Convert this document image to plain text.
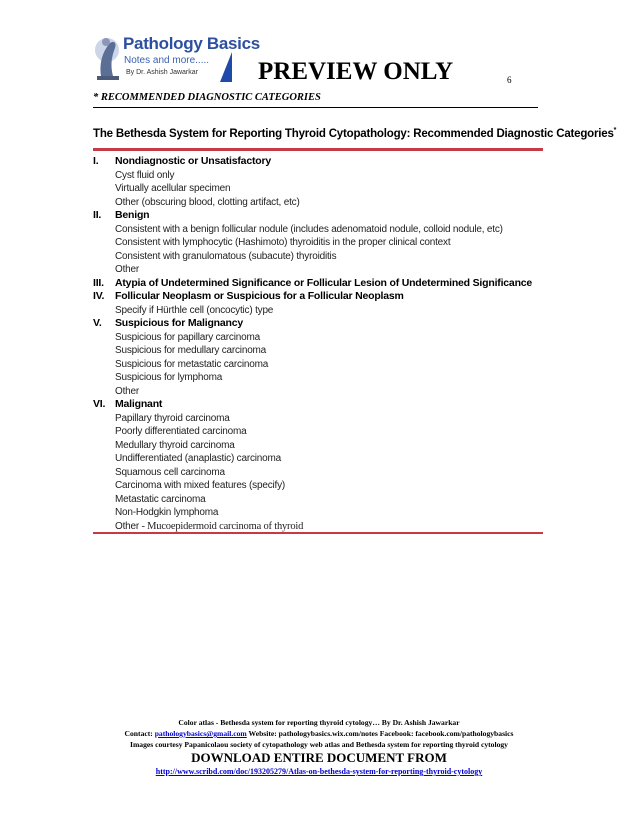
Pathology Basics
Notes and more.....
By Dr. Ashish Jawarkar PREVIEW ONLY	6
* RECOMMENDED DIAGNOSTIC CATEGORIES
The Bethesda System for Reporting Thyroid Cytopathology: Recommended Diagnostic Categories*
I. Nondiagnostic or Unsatisfactory
Cyst fluid only
Virtually acellular specimen
Other (obscuring blood, clotting artifact, etc)
II. Benign
Consistent with a benign follicular nodule (includes adenomatoid nodule, colloid nodule, etc)
Consistent with lymphocytic (Hashimoto) thyroiditis in the proper clinical context
Consistent with granulomatous (subacute) thyroiditis
Other
III. Atypia of Undetermined Significance or Follicular Lesion of Undetermined Significance
IV. Follicular Neoplasm or Suspicious for a Follicular Neoplasm
Specify if Hürthle cell (oncocytic) type
V. Suspicious for Malignancy
Suspicious for papillary carcinoma
Suspicious for medullary carcinoma
Suspicious for metastatic carcinoma
Suspicious for lymphoma
Other
VI. Malignant
Papillary thyroid carcinoma
Poorly differentiated carcinoma
Medullary thyroid carcinoma
Undifferentiated (anaplastic) carcinoma
Squamous cell carcinoma
Carcinoma with mixed features (specify)
Metastatic carcinoma
Non-Hodgkin lymphoma
Other - Mucoepidermoid carcinoma of thyroid
Color atlas - Bethesda system for reporting thyroid cytology… By Dr. Ashish Jawarkar
Contact: pathologybasics@gmail.com Website: pathologybasics.wix.com/notes Facebook: facebook.com/pathologybasics
Images courtesy Papanicolaou society of cytopathology web atlas and Bethesda system for reporting thyroid cytology
DOWNLOAD ENTIRE DOCUMENT FROM
http://www.scribd.com/doc/193205279/Atlas-on-bethesda-system-for-reporting-thyroid-cytology
